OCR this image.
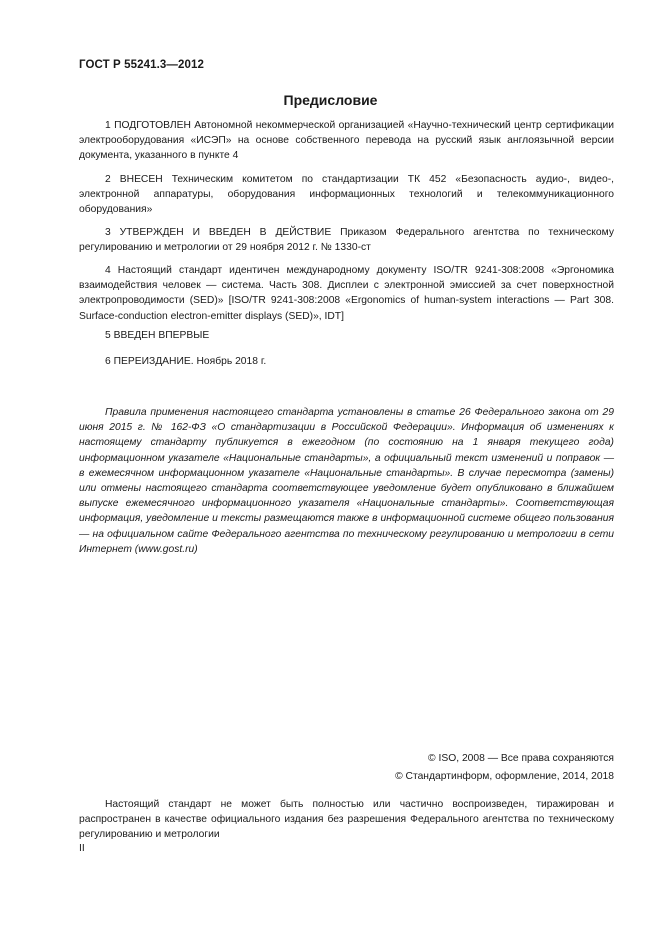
ГОСТ Р 55241.3—2012
Предисловие

1 ПОДГОТОВЛЕН Автономной некоммерческой организацией «Научно-технический центр сертификации электрооборудования «ИСЭП» на основе собственного перевода на русский язык англоязычной версии документа, указанного в пункте 4

2 ВНЕСЕН Техническим комитетом по стандартизации ТК 452 «Безопасность аудио-, видео-, электронной аппаратуры, оборудования информационных технологий и телекоммуникационного оборудования»

3 УТВЕРЖДЕН И ВВЕДЕН В ДЕЙСТВИЕ Приказом Федерального агентства по техническому регулированию и метрологии от 29 ноября 2012 г. № 1330-ст

4 Настоящий стандарт идентичен международному документу ISO/TR 9241-308:2008 «Эргономика взаимодействия человек — система. Часть 308. Дисплеи с электронной эмиссией за счет поверхностной электропроводимости (SED)» [ISO/TR 9241-308:2008 «Ergonomics of human-system interactions — Part 308. Surface-conduction electron-emitter displays (SED)», IDT]

5 ВВЕДЕН ВПЕРВЫЕ

6 ПЕРЕИЗДАНИЕ. Ноябрь 2018 г.

Правила применения настоящего стандарта установлены в статье 26 Федерального закона от 29 июня 2015 г. № 162-ФЗ «О стандартизации в Российской Федерации». Информация об изменениях к настоящему стандарту публикуется в ежегодном (по состоянию на 1 января текущего года) информационном указателе «Национальные стандарты», а официальный текст изменений и поправок — в ежемесячном информационном указателе «Национальные стандарты». В случае пересмотра (замены) или отмены настоящего стандарта соответствующее уведомление будет опубликовано в ближайшем выпуске ежемесячного информационного указателя «Национальные стандарты». Соответствующая информация, уведомление и тексты размещаются также в информационной системе общего пользования — на официальном сайте Федерального агентства по техническому регулированию и метрологии в сети Интернет (www.gost.ru)

© ISO, 2008 — Все права сохраняются

© Стандартинформ, оформление, 2014, 2018

Настоящий стандарт не может быть полностью или частично воспроизведен, тиражирован и распространен в качестве официального издания без разрешения Федерального агентства по техническому регулированию и метрологии

II
